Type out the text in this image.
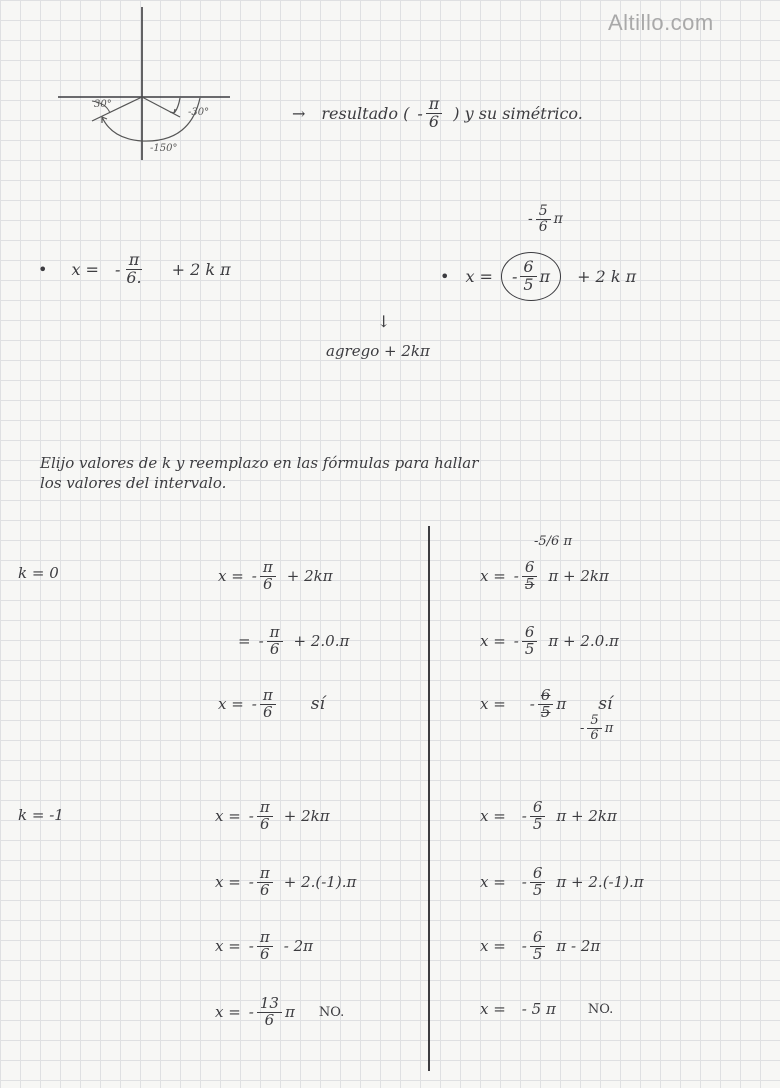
Altillo.com
-30°
-150°
30°	→ resultado ( - $\frac{\pi}{6}$ ) y su simétrico.
• x = - $\frac{\pi}{6.} + 2$ k π	• x = - $\frac{6}{5}$ π + 2 k π
- $\frac{5}{6}$ π
↓
agrego + 2kπ
Elijo valores de k y reemplazo en las fórmulas para hallar
los valores del intervalo.
k = 0	x = - $\frac{\pi}{6} + 2k\pi$
= - $\frac{\pi}{6} + 2.0.\pi$
x = - $\frac{\pi}{6}$ sí
-5/6 π
x = - $\frac{6}{5}$ π + 2kπ
x = - $\frac{6}{5}$ π + 2.0.π
x = - $\frac{6}{5}$ π sí
- $\frac{5}{6}$ π
k = -1	x = - $\frac{\pi}{6} + 2k\pi$
x = - $\frac{\pi}{6} + 2.(-1).\pi$
x = - $\frac{\pi}{6} - 2\pi$
x = - $\frac{13}{6}$ π NO.
x = - $\frac{6}{5}$ π + 2kπ
x = - $\frac{6}{5}$ π + 2.(-1).π
x = - $\frac{6}{5}$ π - 2π
x = - 5 π NO.
